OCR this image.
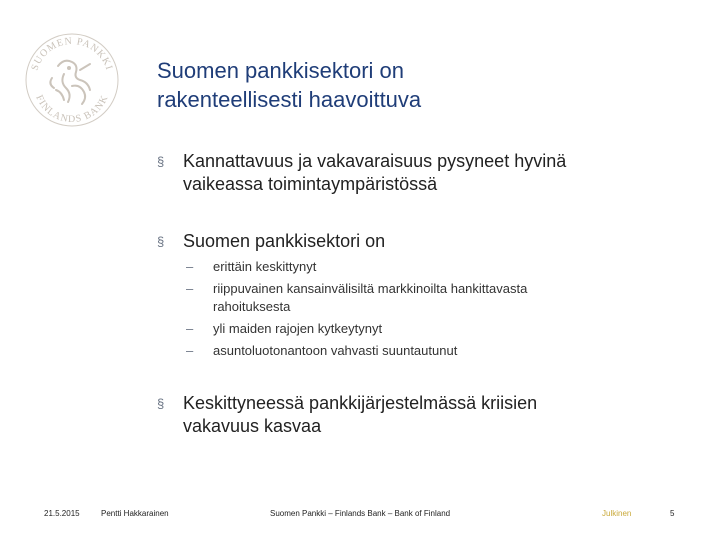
SUOMEN PANKKI
FINLANDS BANK
Suomen pankkisektori on
rakenteellisesti haavoittuva
§	Kannattavuus ja vakavaraisuus pysyneet hyvinä
vaikeassa toimintaympäristössä
§	Suomen pankkisektori on
– erittäin keskittynyt
– riippuvainen kansainvälisiltä markkinoilta hankittavasta rahoituksesta
– yli maiden rajojen kytkeytynyt
– asuntoluotonantoon vahvasti suuntautunut
§	Keskittyneessä pankkijärjestelmässä kriisien
vakavuus kasvaa
21.5.2015	Pentti Hakkarainen	Suomen Pankki – Finlands Bank – Bank of Finland	Julkinen	5
